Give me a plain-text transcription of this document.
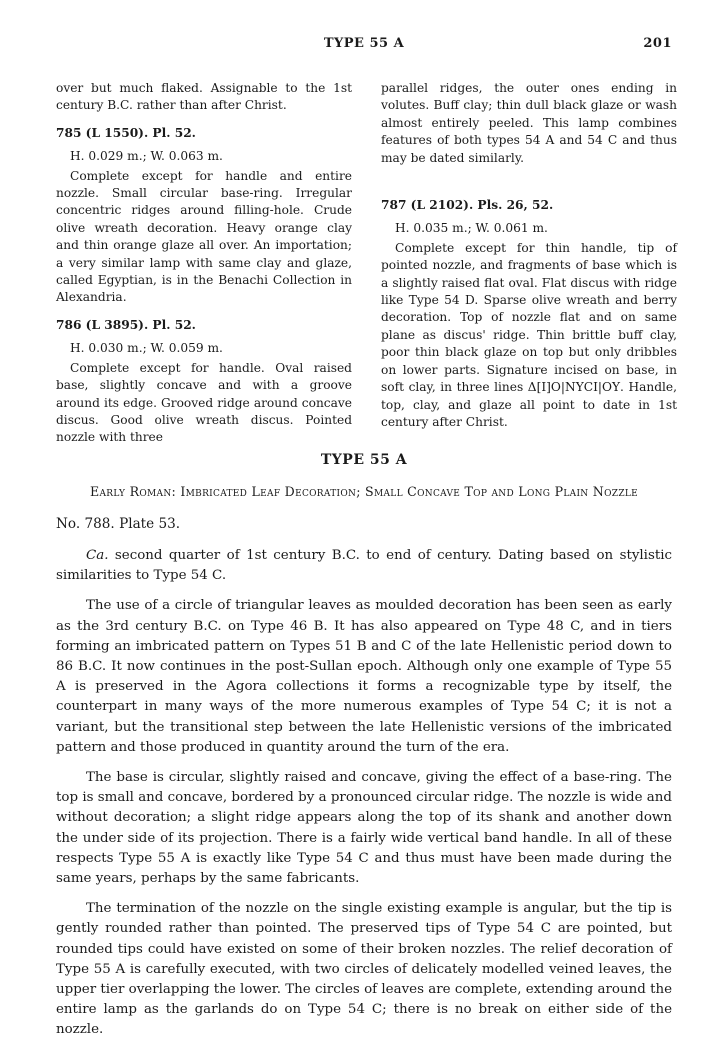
TYPE 55 A	201

over but much flaked. Assignable to the 1st century B.C. rather than after Christ.

785 (L 1550). Pl. 52.

H. 0.029 m.; W. 0.063 m.

Complete except for handle and entire nozzle. Small circular base-ring. Irregular concentric ridges around filling-hole. Crude olive wreath decoration. Heavy orange clay and thin orange glaze all over. An importation; a very similar lamp with same clay and glaze, called Egyptian, is in the Benachi Collection in Alexandria.

786 (L 3895). Pl. 52.

H. 0.030 m.; W. 0.059 m.

Complete except for handle. Oval raised base, slightly concave and with a groove around its edge. Grooved ridge around concave discus. Good olive wreath discus. Pointed nozzle with three

parallel ridges, the outer ones ending in volutes. Buff clay; thin dull black glaze or wash almost entirely peeled. This lamp combines features of both types 54 A and 54 C and thus may be dated similarly.

787 (L 2102). Pls. 26, 52.

H. 0.035 m.; W. 0.061 m.

Complete except for thin handle, tip of pointed nozzle, and fragments of base which is a slightly raised flat oval. Flat discus with ridge like Type 54 D. Sparse olive wreath and berry decoration. Top of nozzle flat and on same plane as discus' ridge. Thin brittle buff clay, poor thin black glaze on top but only dribbles on lower parts. Signature incised on base, in soft clay, in three lines Δ[Ι]Ο|ΝΥϹΙ|ΟΥ. Handle, top, clay, and glaze all point to date in 1st century after Christ.

TYPE 55 A
Early Roman: Imbricated Leaf Decoration; Small Concave Top and Long Plain Nozzle
No. 788. Plate 53.

Ca. second quarter of 1st century B.C. to end of century. Dating based on stylistic similarities to Type 54 C.

The use of a circle of triangular leaves as moulded decoration has been seen as early as the 3rd century B.C. on Type 46 B. It has also appeared on Type 48 C, and in tiers forming an imbricated pattern on Types 51 B and C of the late Hellenistic period down to 86 B.C. It now continues in the post-Sullan epoch. Although only one example of Type 55 A is preserved in the Agora collections it forms a recognizable type by itself, the counterpart in many ways of the more numerous examples of Type 54 C; it is not a variant, but the transitional step between the late Hellenistic versions of the imbricated pattern and those produced in quantity around the turn of the era.

The base is circular, slightly raised and concave, giving the effect of a base-ring. The top is small and concave, bordered by a pronounced circular ridge. The nozzle is wide and without decoration; a slight ridge appears along the top of its shank and another down the under side of its projection. There is a fairly wide vertical band handle. In all of these respects Type 55 A is exactly like Type 54 C and thus must have been made during the same years, perhaps by the same fabricants.

The termination of the nozzle on the single existing example is angular, but the tip is gently rounded rather than pointed. The preserved tips of Type 54 C are pointed, but rounded tips could have existed on some of their broken nozzles. The relief decoration of Type 55 A is carefully executed, with two circles of delicately modelled veined leaves, the upper tier overlapping the lower. The circles of leaves are complete, extending around the entire lamp as the garlands do on Type 54 C; there is no break on either side of the nozzle.
